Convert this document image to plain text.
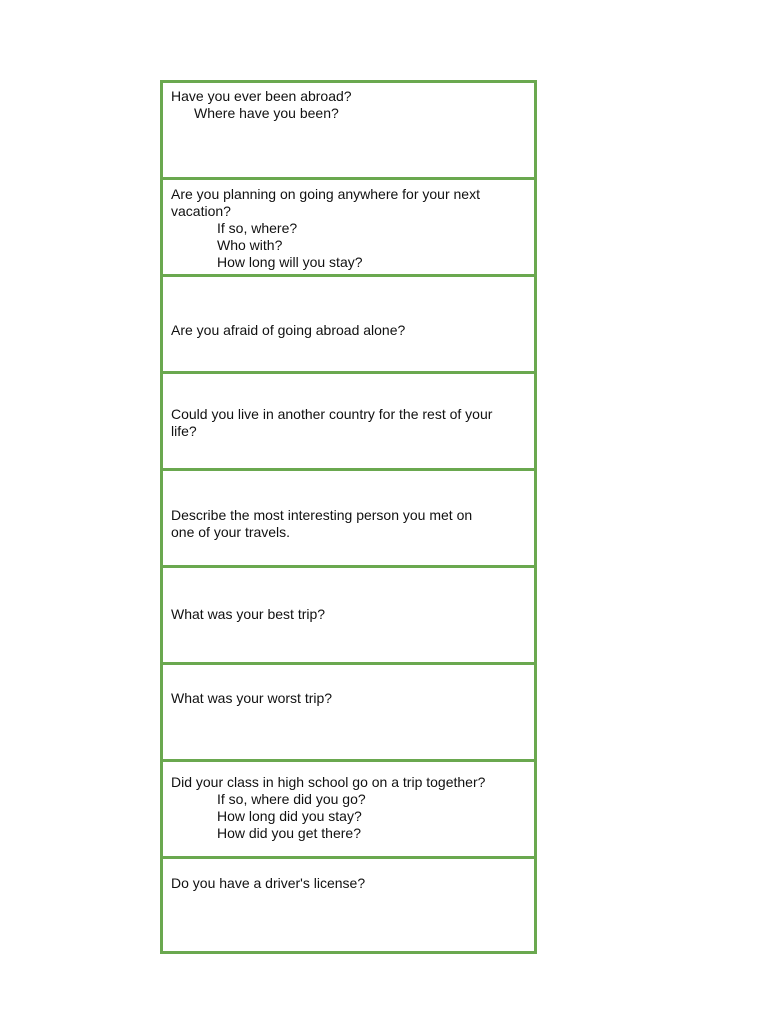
Have you ever been abroad?
Where have you been?
Are you planning on going anywhere for your next
vacation?
If so, where?
Who with?
How long will you stay?
Are you afraid of going abroad alone?
Could you live in another country for the rest of your
life?
Describe the most interesting person you met on
one of your travels.
What was your best trip?
What was your worst trip?
Did your class in high school go on a trip together?
If so, where did you go?
How long did you stay?
How did you get there?
Do you have a driver's license?
